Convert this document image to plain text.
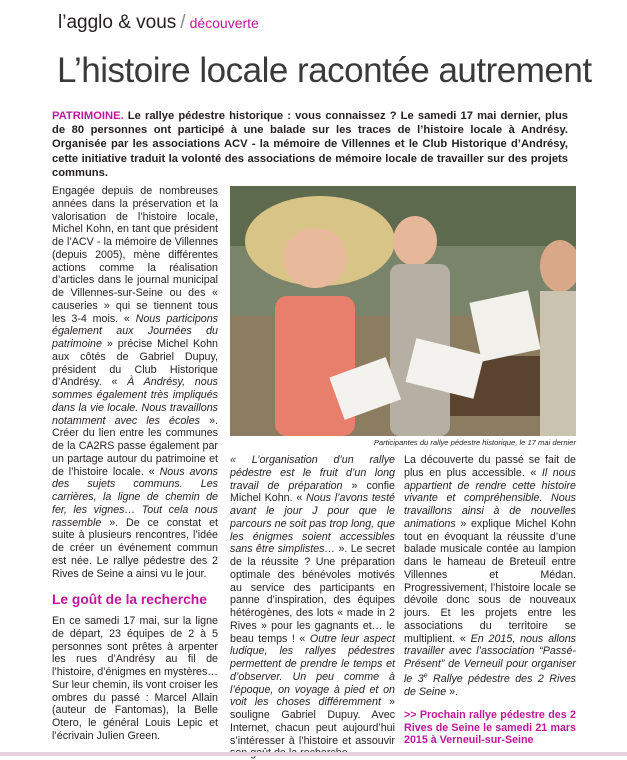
l’agglo & vous / découverte
L’histoire locale racontée autrement
PATRIMOINE. Le rallye pédestre historique : vous connaissez ? Le samedi 17 mai dernier, plus de 80 personnes ont participé à une balade sur les traces de l’histoire locale à Andrésy. Organisée par les associations ACV - la mémoire de Villennes et le Club Historique d’Andrésy, cette initiative traduit la volonté des associations de mémoire locale de travailler sur des projets communs.

Engagée depuis de nombreuses années dans la préservation et la valorisation de l’histoire locale, Michel Kohn, en tant que président de l’ACV - la mémoire de Villennes (depuis 2005), mène différentes actions comme la réalisation d’articles dans le journal municipal de Villennes-sur-Seine ou des « causeries » qui se tiennent tous les 3-4 mois. « Nous participons également aux Journées du patrimoine » précise Michel Kohn aux côtés de Gabriel Dupuy, président du Club Historique d’Andrésy. « À Andrésy, nous sommes également très impliqués dans la vie locale. Nous travaillons notamment avec les écoles ». Créer du lien entre les communes de la CA2RS passe également par un partage autour du patrimoine et de l’histoire locale. « Nous avons des sujets communs. Les carrières, la ligne de chemin de fer, les vignes… Tout cela nous rassemble ». De ce constat et suite à plusieurs rencontres, l’idée de créer un événement commun est née. Le rallye pédestre des 2 Rives de Seine a ainsi vu le jour.

Le goût de la recherche

En ce samedi 17 mai, sur la ligne de départ, 23 équipes de 2 à 5 personnes sont prêtes à arpenter les rues d’Andrésy au fil de l’histoire, d’énigmes en mystères… Sur leur chemin, ils vont croiser les ombres du passé : Marcel Allain (auteur de Fantomas), la Belle Otero, le général Louis Lepic et l’écrivain Julien Green.

Participantes du rallye pédestre historique, le 17 mai dernier

« L’organisation d’un rallye pédestre est le fruit d’un long travail de préparation » confie Michel Kohn. « Nous l’avons testé avant le jour J pour que le parcours ne soit pas trop long, que les énigmes soient accessibles sans être simplistes… ». Le secret de la réussite ? Une préparation optimale des bénévoles motivés au service des participants en panne d’inspiration, des équipes hétérogènes, des lots « made in 2 Rives » pour les gagnants et… le beau temps ! « Outre leur aspect ludique, les rallyes pédestres permettent de prendre le temps et d’observer. Un peu comme à l’époque, on voyage à pied et on voit les choses différemment » souligne Gabriel Dupuy. Avec Internet, chacun peut aujourd’hui s’intéresser à l’histoire et assouvir

La découverte du passé se fait de plus en plus accessible. « Il nous appartient de rendre cette histoire vivante et compréhensible. Nous travaillons ainsi à de nouvelles animations » explique Michel Kohn tout en évoquant la réussite d’une balade musicale contée au lampion dans le hameau de Breteuil entre Villennes et Médan. Progressivement, l’histoire locale se dévoile donc sous de nouveaux jours. Et les projets entre les associations du territoire se multiplient. « En 2015, nous allons travailler avec l’association “Passé-Présent” de Verneuil pour organiser le 3e Rallye pédestre des 2 Rives de Seine ».

>> Prochain rallye pédestre des 2 Rives de Seine le samedi 21 mars 2015 à Verneuil-sur-Seine
